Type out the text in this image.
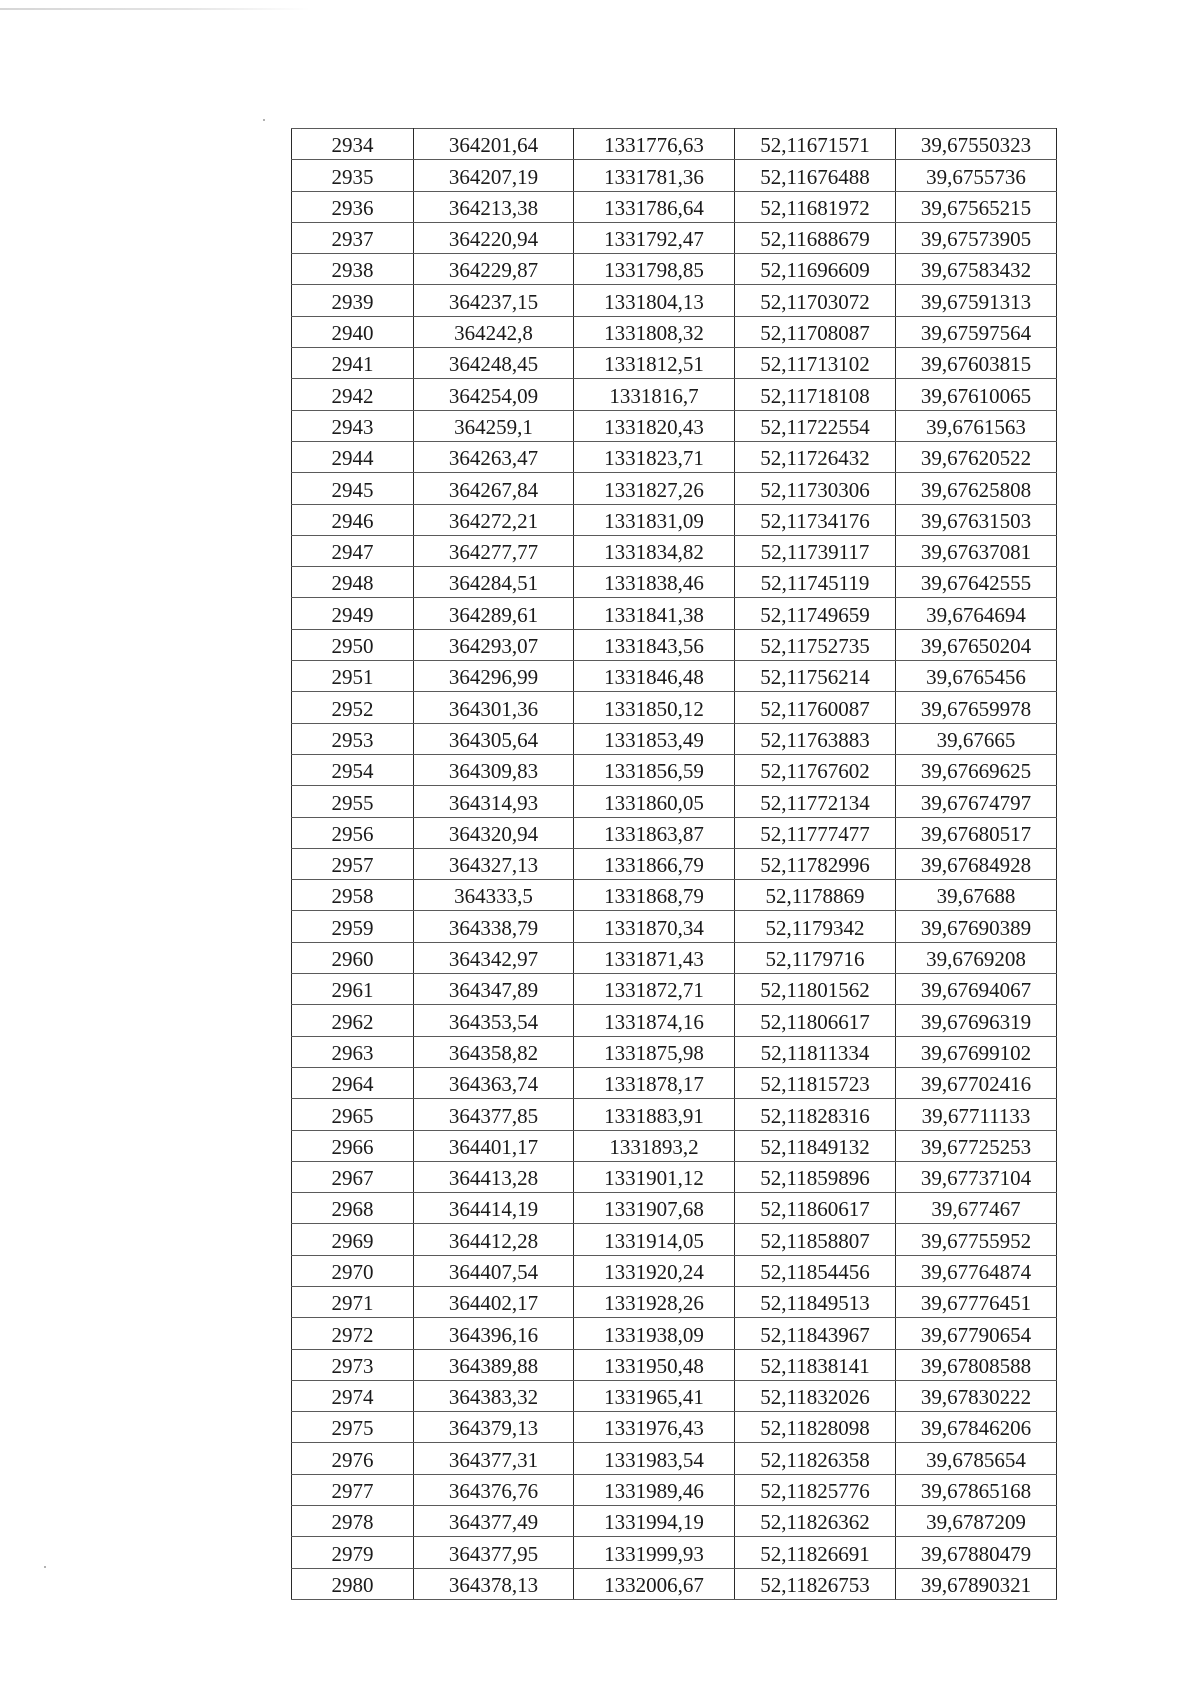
2934	364201,64	1331776,63	52,11671571	39,67550323
2935	364207,19	1331781,36	52,11676488	39,6755736
2936	364213,38	1331786,64	52,11681972	39,67565215
2937	364220,94	1331792,47	52,11688679	39,67573905
2938	364229,87	1331798,85	52,11696609	39,67583432
2939	364237,15	1331804,13	52,11703072	39,67591313
2940	364242,8	1331808,32	52,11708087	39,67597564
2941	364248,45	1331812,51	52,11713102	39,67603815
2942	364254,09	1331816,7	52,11718108	39,67610065
2943	364259,1	1331820,43	52,11722554	39,6761563
2944	364263,47	1331823,71	52,11726432	39,67620522
2945	364267,84	1331827,26	52,11730306	39,67625808
2946	364272,21	1331831,09	52,11734176	39,67631503
2947	364277,77	1331834,82	52,11739117	39,67637081
2948	364284,51	1331838,46	52,11745119	39,67642555
2949	364289,61	1331841,38	52,11749659	39,6764694
2950	364293,07	1331843,56	52,11752735	39,67650204
2951	364296,99	1331846,48	52,11756214	39,6765456
2952	364301,36	1331850,12	52,11760087	39,67659978
2953	364305,64	1331853,49	52,11763883	39,67665
2954	364309,83	1331856,59	52,11767602	39,67669625
2955	364314,93	1331860,05	52,11772134	39,67674797
2956	364320,94	1331863,87	52,11777477	39,67680517
2957	364327,13	1331866,79	52,11782996	39,67684928
2958	364333,5	1331868,79	52,1178869	39,67688
2959	364338,79	1331870,34	52,1179342	39,67690389
2960	364342,97	1331871,43	52,1179716	39,6769208
2961	364347,89	1331872,71	52,11801562	39,67694067
2962	364353,54	1331874,16	52,11806617	39,67696319
2963	364358,82	1331875,98	52,11811334	39,67699102
2964	364363,74	1331878,17	52,11815723	39,67702416
2965	364377,85	1331883,91	52,11828316	39,67711133
2966	364401,17	1331893,2	52,11849132	39,67725253
2967	364413,28	1331901,12	52,11859896	39,67737104
2968	364414,19	1331907,68	52,11860617	39,677467
2969	364412,28	1331914,05	52,11858807	39,67755952
2970	364407,54	1331920,24	52,11854456	39,67764874
2971	364402,17	1331928,26	52,11849513	39,67776451
2972	364396,16	1331938,09	52,11843967	39,67790654
2973	364389,88	1331950,48	52,11838141	39,67808588
2974	364383,32	1331965,41	52,11832026	39,67830222
2975	364379,13	1331976,43	52,11828098	39,67846206
2976	364377,31	1331983,54	52,11826358	39,6785654
2977	364376,76	1331989,46	52,11825776	39,67865168
2978	364377,49	1331994,19	52,11826362	39,6787209
2979	364377,95	1331999,93	52,11826691	39,67880479
2980	364378,13	1332006,67	52,11826753	39,67890321
